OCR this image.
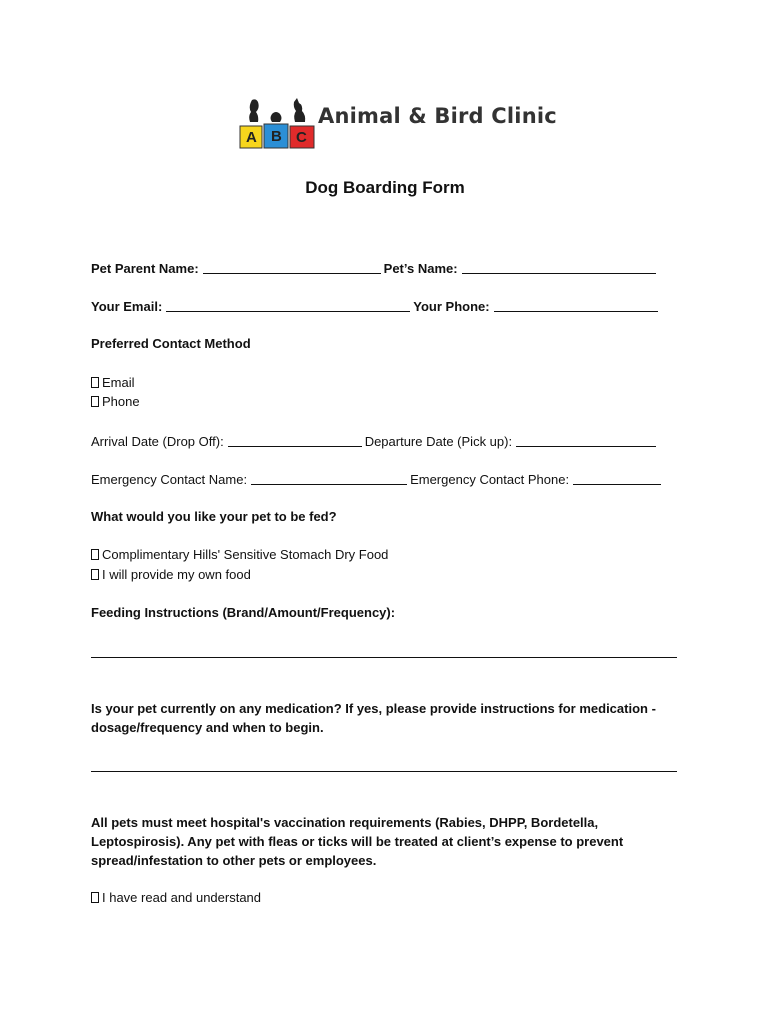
A B C
Animal & Bird Clinic
Dog Boarding Form
Pet Parent Name:	Pet’s Name:
Your Email:	Your Phone:
Preferred Contact Method
Email
Phone
Arrival Date (Drop Off):	Departure Date (Pick up):
Emergency Contact Name:	Emergency Contact Phone:
What would you like your pet to be fed?
Complimentary Hills' Sensitive Stomach Dry Food
I will provide my own food
Feeding Instructions (Brand/Amount/Frequency):
Is your pet currently on any medication? If yes, please provide instructions for medication - dosage/frequency and when to begin.
All pets must meet hospital's vaccination requirements (Rabies, DHPP, Bordetella, Leptospirosis). Any pet with fleas or ticks will be treated at client’s expense to prevent spread/infestation to other pets or employees.
I have read and understand
